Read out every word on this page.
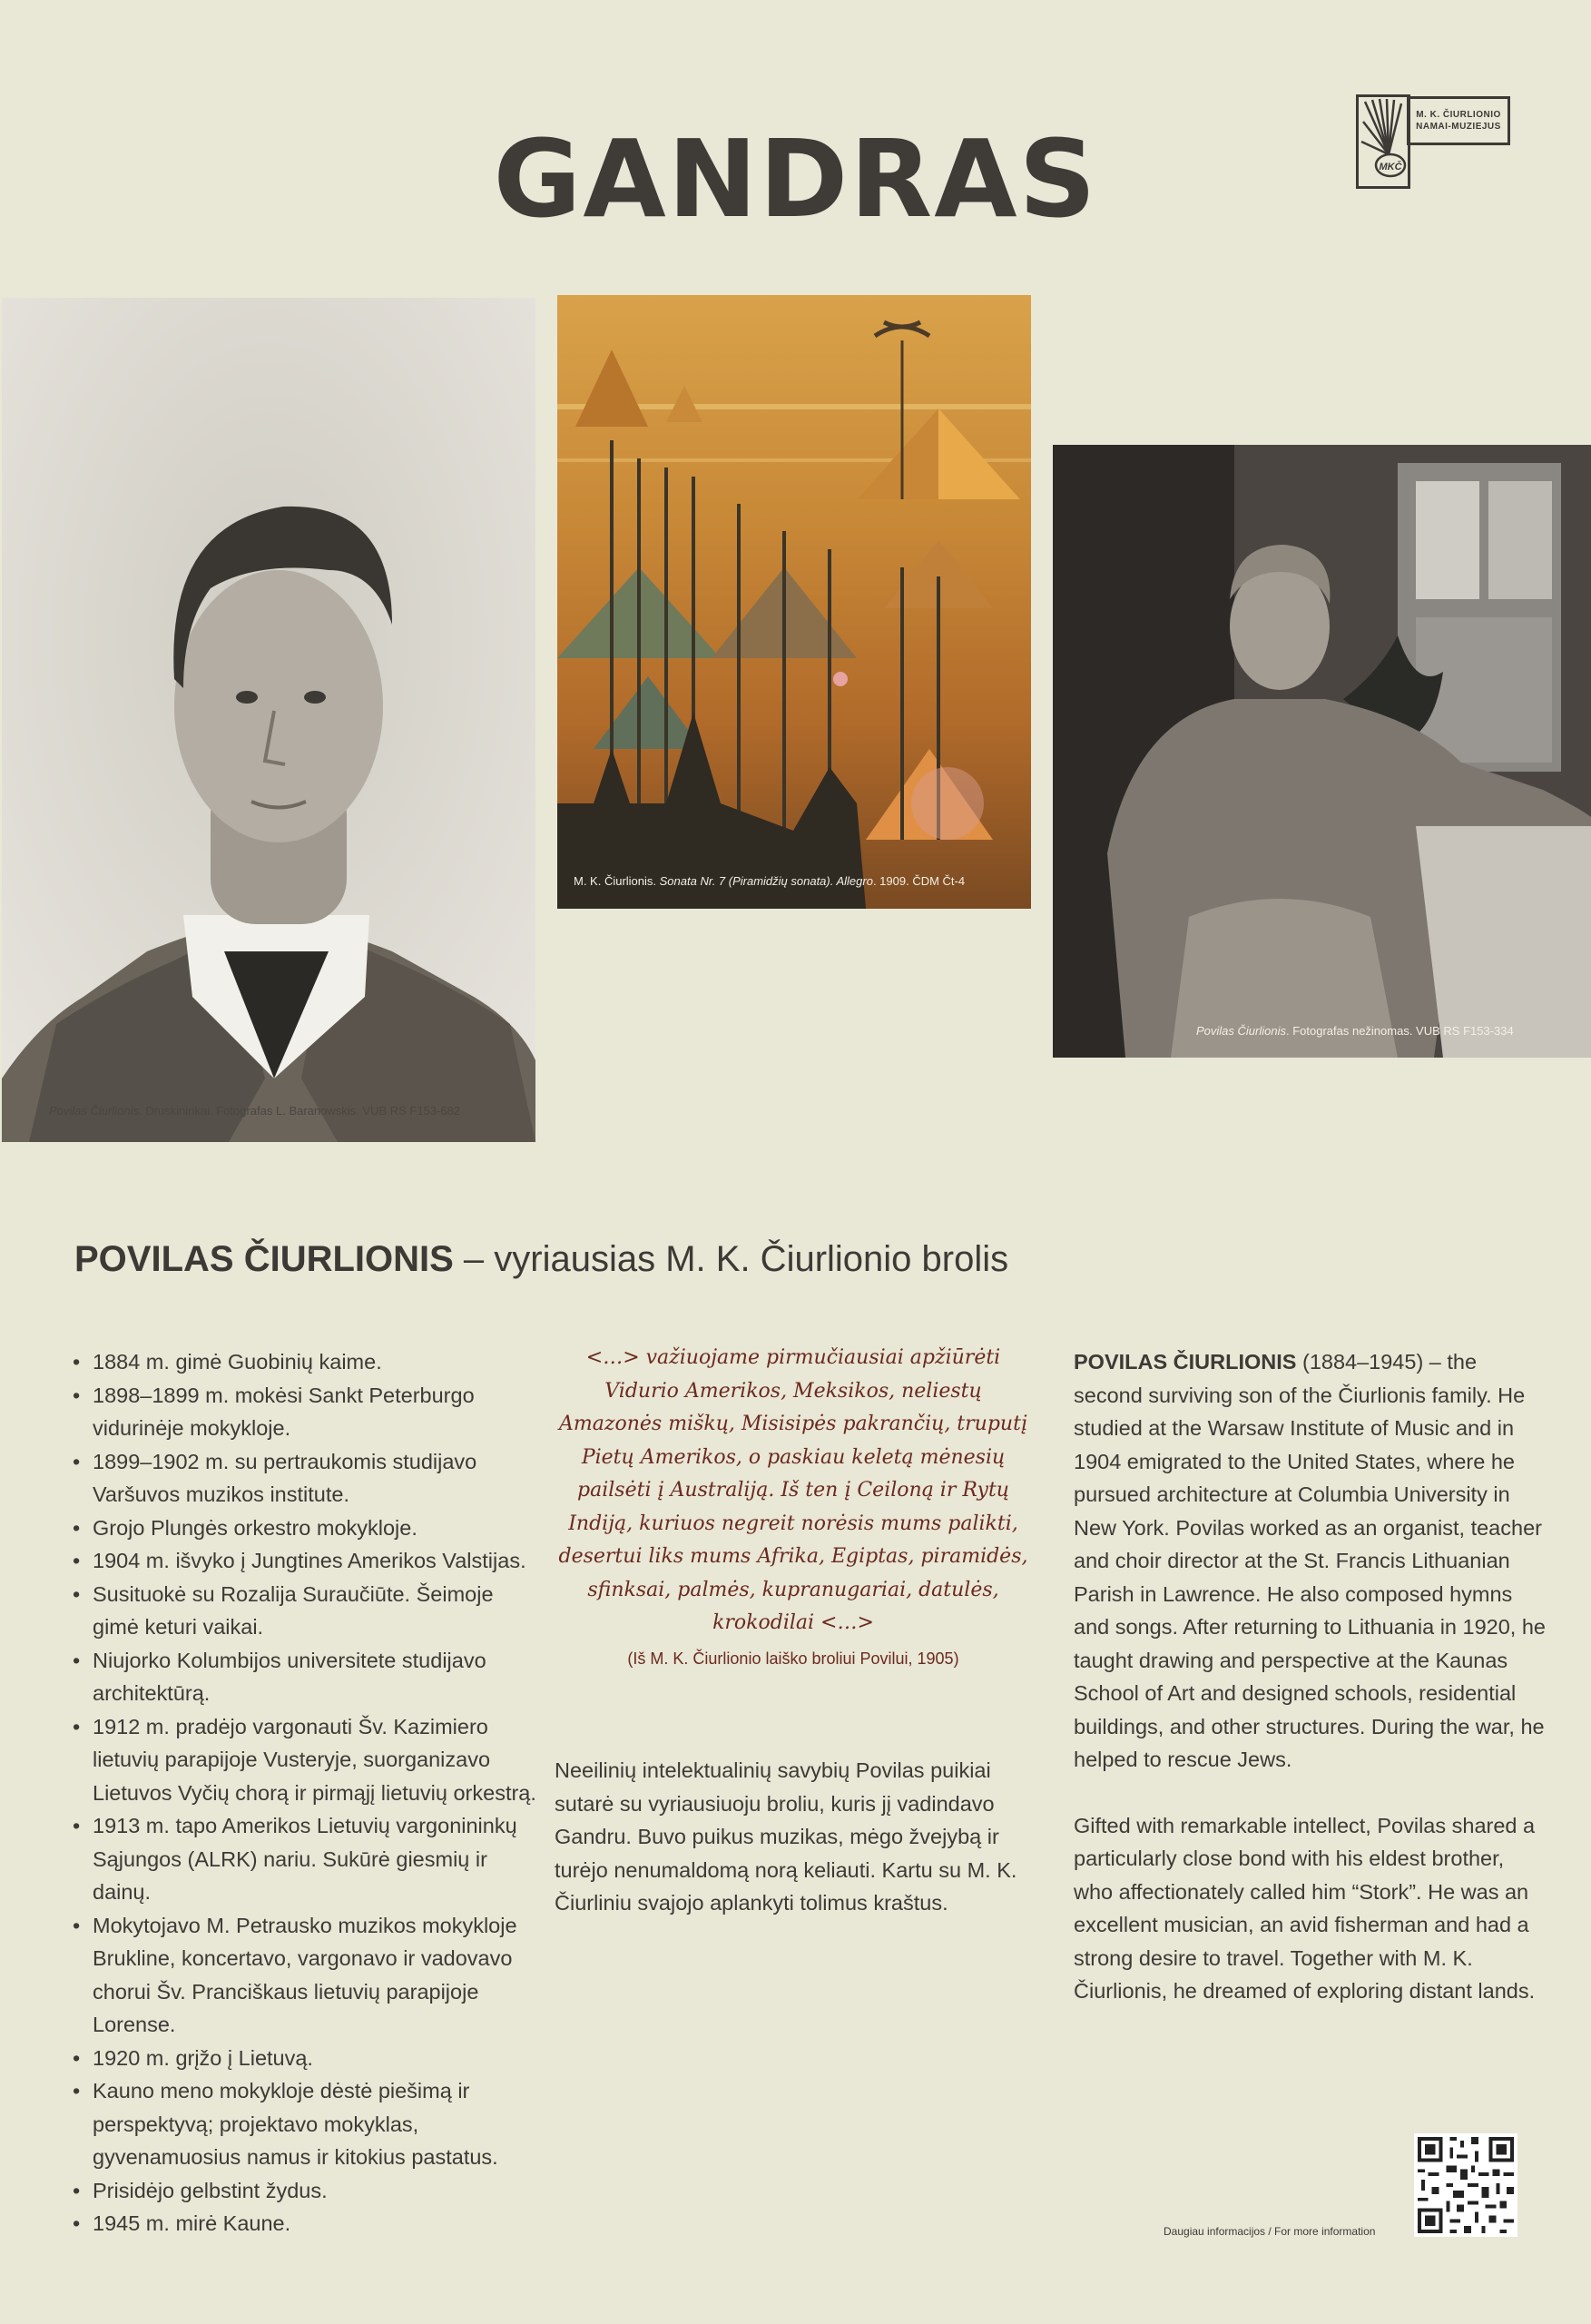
GANDRAS	MKČ
M. K. ČIURLIONIO
NAMAI-MUZIEJUS
Povilas Čiurlionis. Druskininkai. Fotografas L. Baranowskis. VUB RS F153-682
M. K. Čiurlionis. Sonata Nr. 7 (Piramidžių sonata). Allegro. 1909. ČDM Čt-4
Povilas Čiurlionis. Fotografas nežinomas. VUB RS F153-334
POVILAS ČIURLIONIS – vyriausias M. K. Čiurlionio brolis
• 1884 m. gimė Guobinių kaime.
• 1898–1899 m. mokėsi Sankt Peterburgo vidurinėje mokykloje.
• 1899–1902 m. su pertraukomis studijavo Varšuvos muzikos institute.
• Grojo Plungės orkestro mokykloje.
• 1904 m. išvyko į Jungtines Amerikos Valstijas.
• Susituokė su Rozalija Suraučiūte. Šeimoje gimė keturi vaikai.
• Niujorko Kolumbijos universitete studijavo architektūrą.
• 1912 m. pradėjo vargonauti Šv. Kazimiero lietuvių parapijoje Vusteryje, suorganizavo Lietuvos Vyčių chorą ir pirmąjį lietuvių orkestrą.
• 1913 m. tapo Amerikos Lietuvių vargonininkų Sąjungos (ALRK) nariu. Sukūrė giesmių ir dainų.
• Mokytojavo M. Petrausko muzikos mokykloje Brukline, koncertavo, vargonavo ir vadovavo chorui Šv. Pranciškaus lietuvių parapijoje Lorense.
• 1920 m. grįžo į Lietuvą.
• Kauno meno mokykloje dėstė piešimą ir perspektyvą; projektavo mokyklas, gyvenamuosius namus ir kitokius pastatus.
• Prisidėjo gelbstint žydus.
• 1945 m. mirė Kaune.
<…> važiuojame pirmučiausiai apžiūrėti Vidurio Amerikos, Meksikos, neliestų Amazonės miškų, Misisipės pakrančių, truputį Pietų Amerikos, o paskiau keletą mėnesių pailsėti į Australiją. Iš ten į Ceiloną ir Rytų Indiją, kuriuos negreit norėsis mums palikti, desertui liks mums Afrika, Egiptas, piramidės, sfinksai, palmės, kupranugariai, datulės, krokodilai <…>
(Iš M. K. Čiurlionio laiško broliui Povilui, 1905)
Neeilinių intelektualinių savybių Povilas puikiai sutarė su vyriausiuoju broliu, kuris jį vadindavo Gandru. Buvo puikus muzikas, mėgo žvejybą ir turėjo nenumaldomą norą keliauti. Kartu su M. K. Čiurliniu svajojo aplankyti tolimus kraštus.

POVILAS ČIURLIONIS (1884–1945) – the second surviving son of the Čiurlionis family. He studied at the Warsaw Institute of Music and in 1904 emigrated to the United States, where he pursued architecture at Columbia University in New York. Povilas worked as an organist, teacher and choir director at the St. Francis Lithuanian Parish in Lawrence. He also composed hymns and songs. After returning to Lithuania in 1920, he taught drawing and perspective at the Kaunas School of Art and designed schools, residential buildings, and other structures. During the war, he helped to rescue Jews.

Gifted with remarkable intellect, Povilas shared a particularly close bond with his eldest brother, who affectionately called him “Stork”. He was an excellent musician, an avid fisherman and had a strong desire to travel. Together with M. K. Čiurlionis, he dreamed of exploring distant lands.

Daugiau informacijos / For more information
